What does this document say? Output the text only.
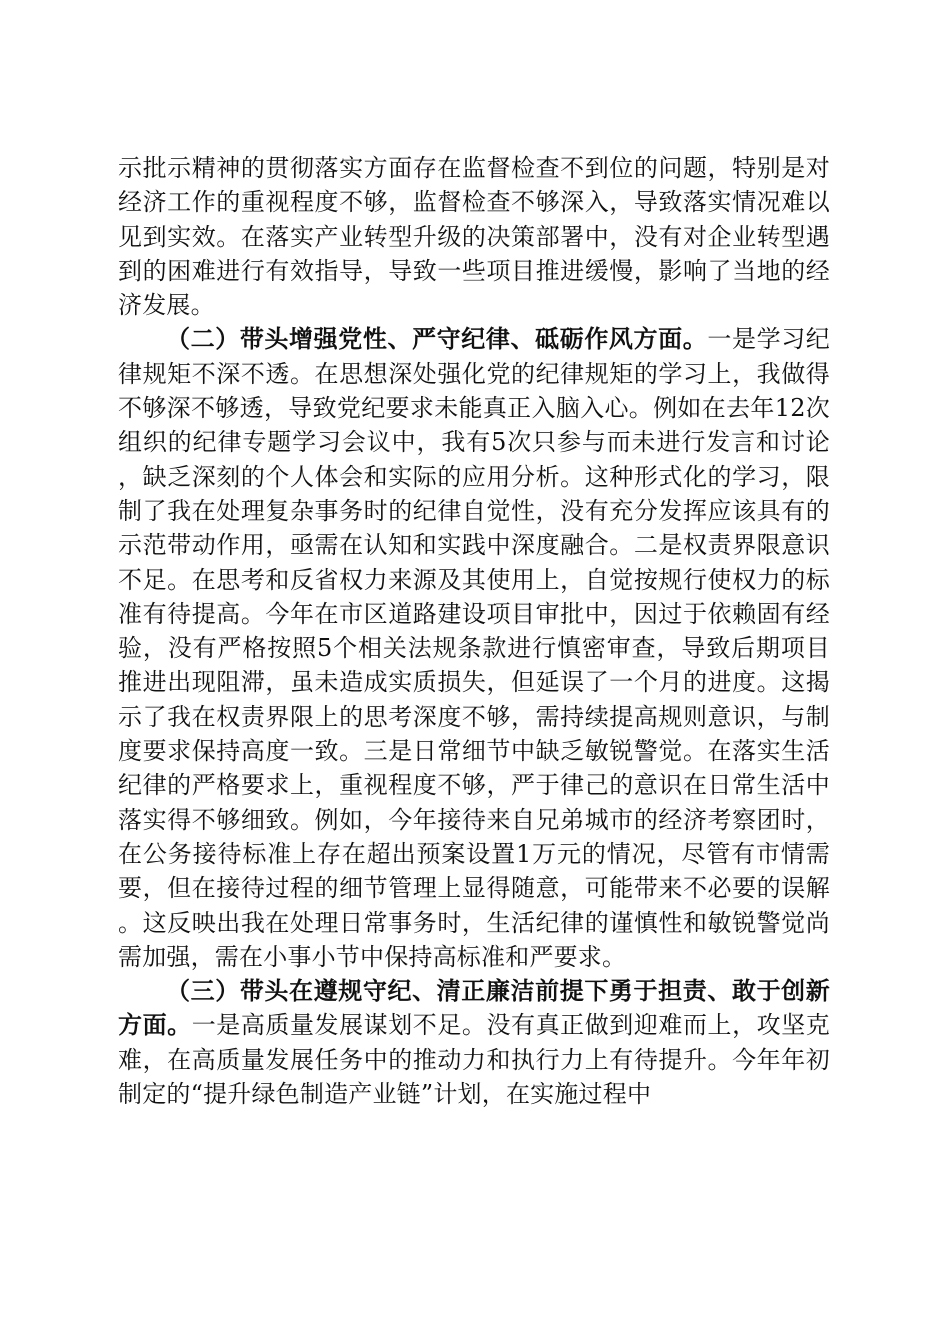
示批示精神的贯彻落实方面存在监督检查不到位的问题，特别是对经济工作的重视程度不够，监督检查不够深入，导致落实情况难以见到实效。在落实产业转型升级的决策部署中，没有对企业转型遇到的困难进行有效指导，导致一些项目推进缓慢，影响了当地的经济发展。

（二）带头增强党性、严守纪律、砥砺作风方面。一是学习纪律规矩不深不透。在思想深处强化党的纪律规矩的学习上，我做得不够深不够透，导致党纪要求未能真正入脑入心。例如在去年12次组织的纪律专题学习会议中，我有5次只参与而未进行发言和讨论，缺乏深刻的个人体会和实际的应用分析。这种形式化的学习，限制了我在处理复杂事务时的纪律自觉性，没有充分发挥应该具有的示范带动作用，亟需在认知和实践中深度融合。二是权责界限意识不足。在思考和反省权力来源及其使用上，自觉按规行使权力的标准有待提高。今年在市区道路建设项目审批中，因过于依赖固有经验，没有严格按照5个相关法规条款进行慎密审查，导致后期项目推进出现阻滞，虽未造成实质损失，但延误了一个月的进度。这揭示了我在权责界限上的思考深度不够，需持续提高规则意识，与制度要求保持高度一致。三是日常细节中缺乏敏锐警觉。在落实生活纪律的严格要求上，重视程度不够，严于律己的意识在日常生活中落实得不够细致。例如，今年接待来自兄弟城市的经济考察团时，在公务接待标准上存在超出预案设置1万元的情况，尽管有市情需要，但在接待过程的细节管理上显得随意，可能带来不必要的误解。这反映出我在处理日常事务时，生活纪律的谨慎性和敏锐警觉尚需加强，需在小事小节中保持高标准和严要求。

（三）带头在遵规守纪、清正廉洁前提下勇于担责、敢于创新方面。一是高质量发展谋划不足。没有真正做到迎难而上，攻坚克难，在高质量发展任务中的推动力和执行力上有待提升。今年年初制定的“提升绿色制造产业链”计划，在实施过程中
